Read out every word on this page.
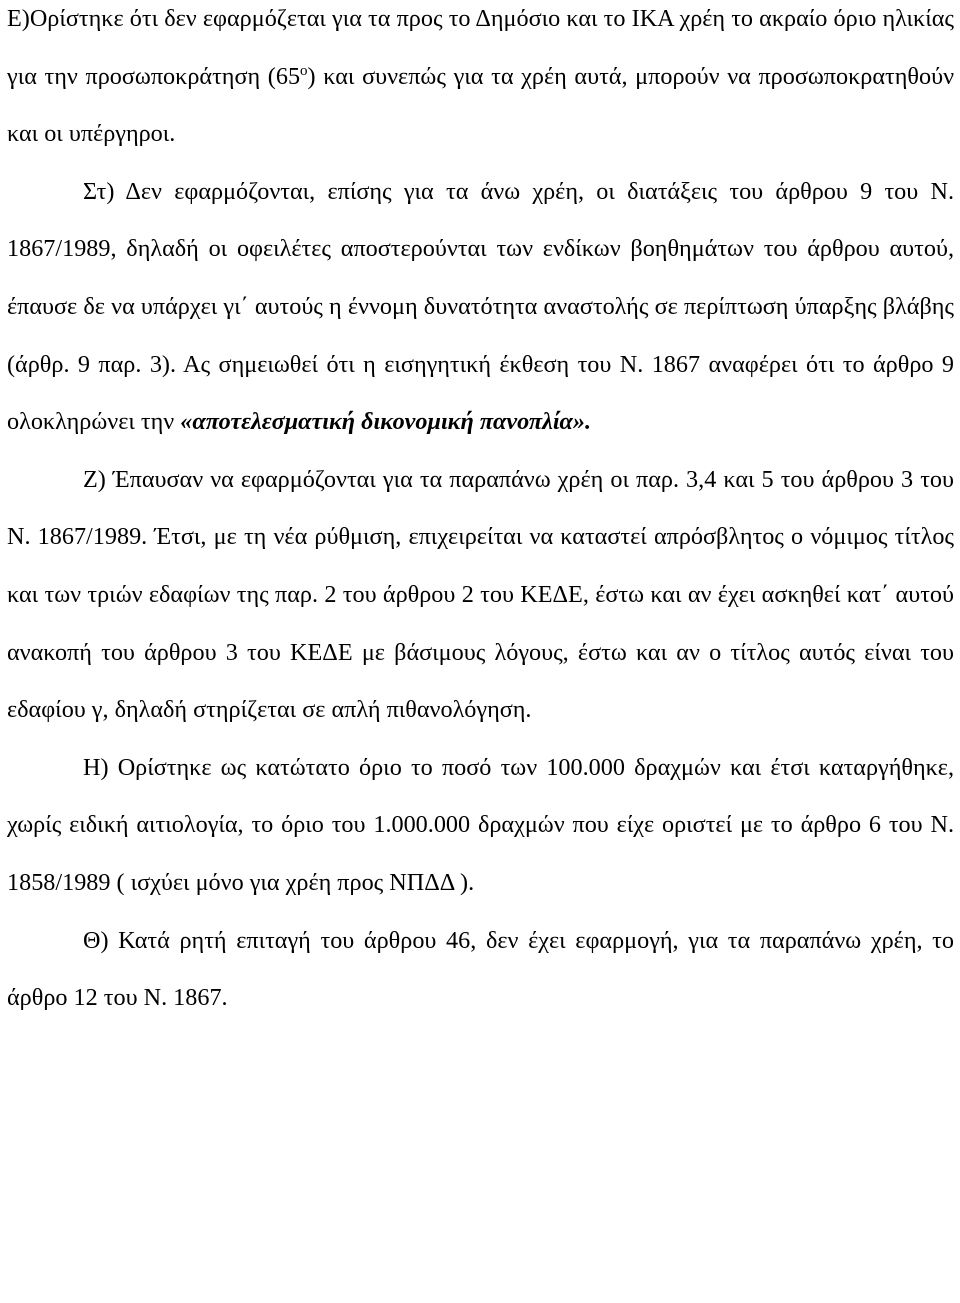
Ε)Ορίστηκε ότι δεν εφαρμόζεται για τα προς το Δημόσιο και το ΙΚΑ χρέη το ακραίο όριο ηλικίας για την προσωποκράτηση $(65^o)$ και συνεπώς για τα χρέη αυτά, μπορούν να προσωποκρατηθούν και οι υπέργηροι.

Στ) Δεν εφαρμόζονται, επίσης για τα άνω χρέη, οι διατάξεις του άρθρου 9 του Ν. 1867/1989, δηλαδή οι οφειλέτες αποστερούνται των ενδίκων βοηθημάτων του άρθρου αυτού, έπαυσε δε να υπάρχει γι΄ αυτούς η έννομη δυνατότητα αναστολής σε περίπτωση ύπαρξης βλάβης (άρθρ. 9 παρ. 3). Ας σημειωθεί ότι η εισηγητική έκθεση του Ν. 1867 αναφέρει ότι το άρθρο 9 ολοκληρώνει την «αποτελεσματική δικονομική πανοπλία».

Ζ) Έπαυσαν να εφαρμόζονται για τα παραπάνω χρέη οι παρ. 3,4 και 5 του άρθρου 3 του Ν. 1867/1989. Έτσι, με τη νέα ρύθμιση, επιχειρείται να καταστεί απρόσβλητος ο νόμιμος τίτλος και των τριών εδαφίων της παρ. 2 του άρθρου 2 του ΚΕΔΕ, έστω και αν έχει ασκηθεί κατ΄ αυτού ανακοπή του άρθρου 3 του ΚΕΔΕ με βάσιμους λόγους, έστω και αν ο τίτλος αυτός είναι του εδαφίου γ, δηλαδή στηρίζεται σε απλή πιθανολόγηση.

Η) Ορίστηκε ως κατώτατο όριο το ποσό των 100.000 δραχμών και έτσι καταργήθηκε, χωρίς ειδική αιτιολογία, το όριο του 1.000.000 δραχμών που είχε οριστεί με το άρθρο 6 του Ν. 1858/1989 ( ισχύει μόνο για χρέη προς ΝΠΔΔ ).

Θ) Κατά ρητή επιταγή του άρθρου 46, δεν έχει εφαρμογή, για τα παραπάνω χρέη, το άρθρο 12 του Ν. 1867.
